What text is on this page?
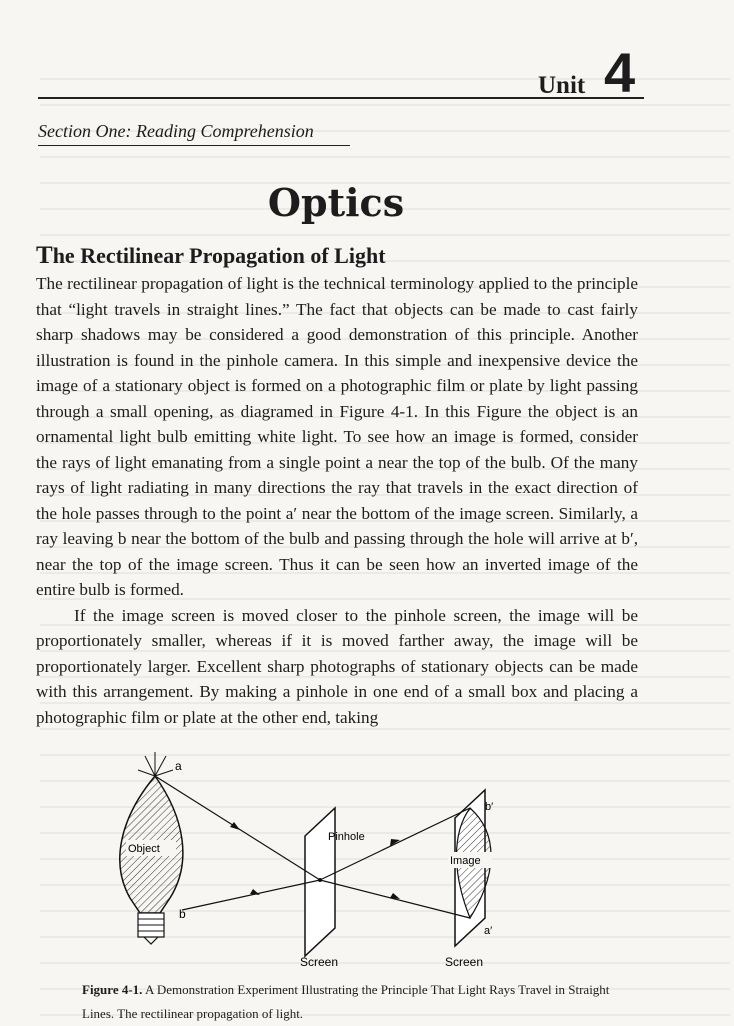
Unit 4
Section One: Reading Comprehension
Optics
The Rectilinear Propagation of Light

The rectilinear propagation of light is the technical terminology applied to the principle that “light travels in straight lines.” The fact that objects can be made to cast fairly sharp shadows may be considered a good demonstration of this principle. Another illustration is found in the pinhole camera. In this simple and inexpensive device the image of a stationary object is formed on a photographic film or plate by light passing through a small opening, as diagramed in Figure 4-1. In this Figure the object is an ornamental light bulb emitting white light. To see how an image is formed, consider the rays of light emanating from a single point a near the top of the bulb. Of the many rays of light radiating in many directions the ray that travels in the exact direction of the hole passes through to the point a′ near the bottom of the image screen. Similarly, a ray leaving b near the bottom of the bulb and passing through the hole will arrive at b′, near the top of the image screen. Thus it can be seen how an inverted image of the entire bulb is formed.

If the image screen is moved closer to the pinhole screen, the image will be proportionately smaller, whereas if it is moved farther away, the image will be proportionately larger. Excellent sharp photographs of stationary objects can be made with this arrangement. By making a pinhole in one end of a small box and placing a photographic film or plate at the other end, taking

a
b
Object
Pinhole
Image
b′
a′
Screen	Screen
Figure 4-1. A Demonstration Experiment Illustrating the Principle That Light Rays Travel in Straight Lines. The rectilinear propagation of light.
